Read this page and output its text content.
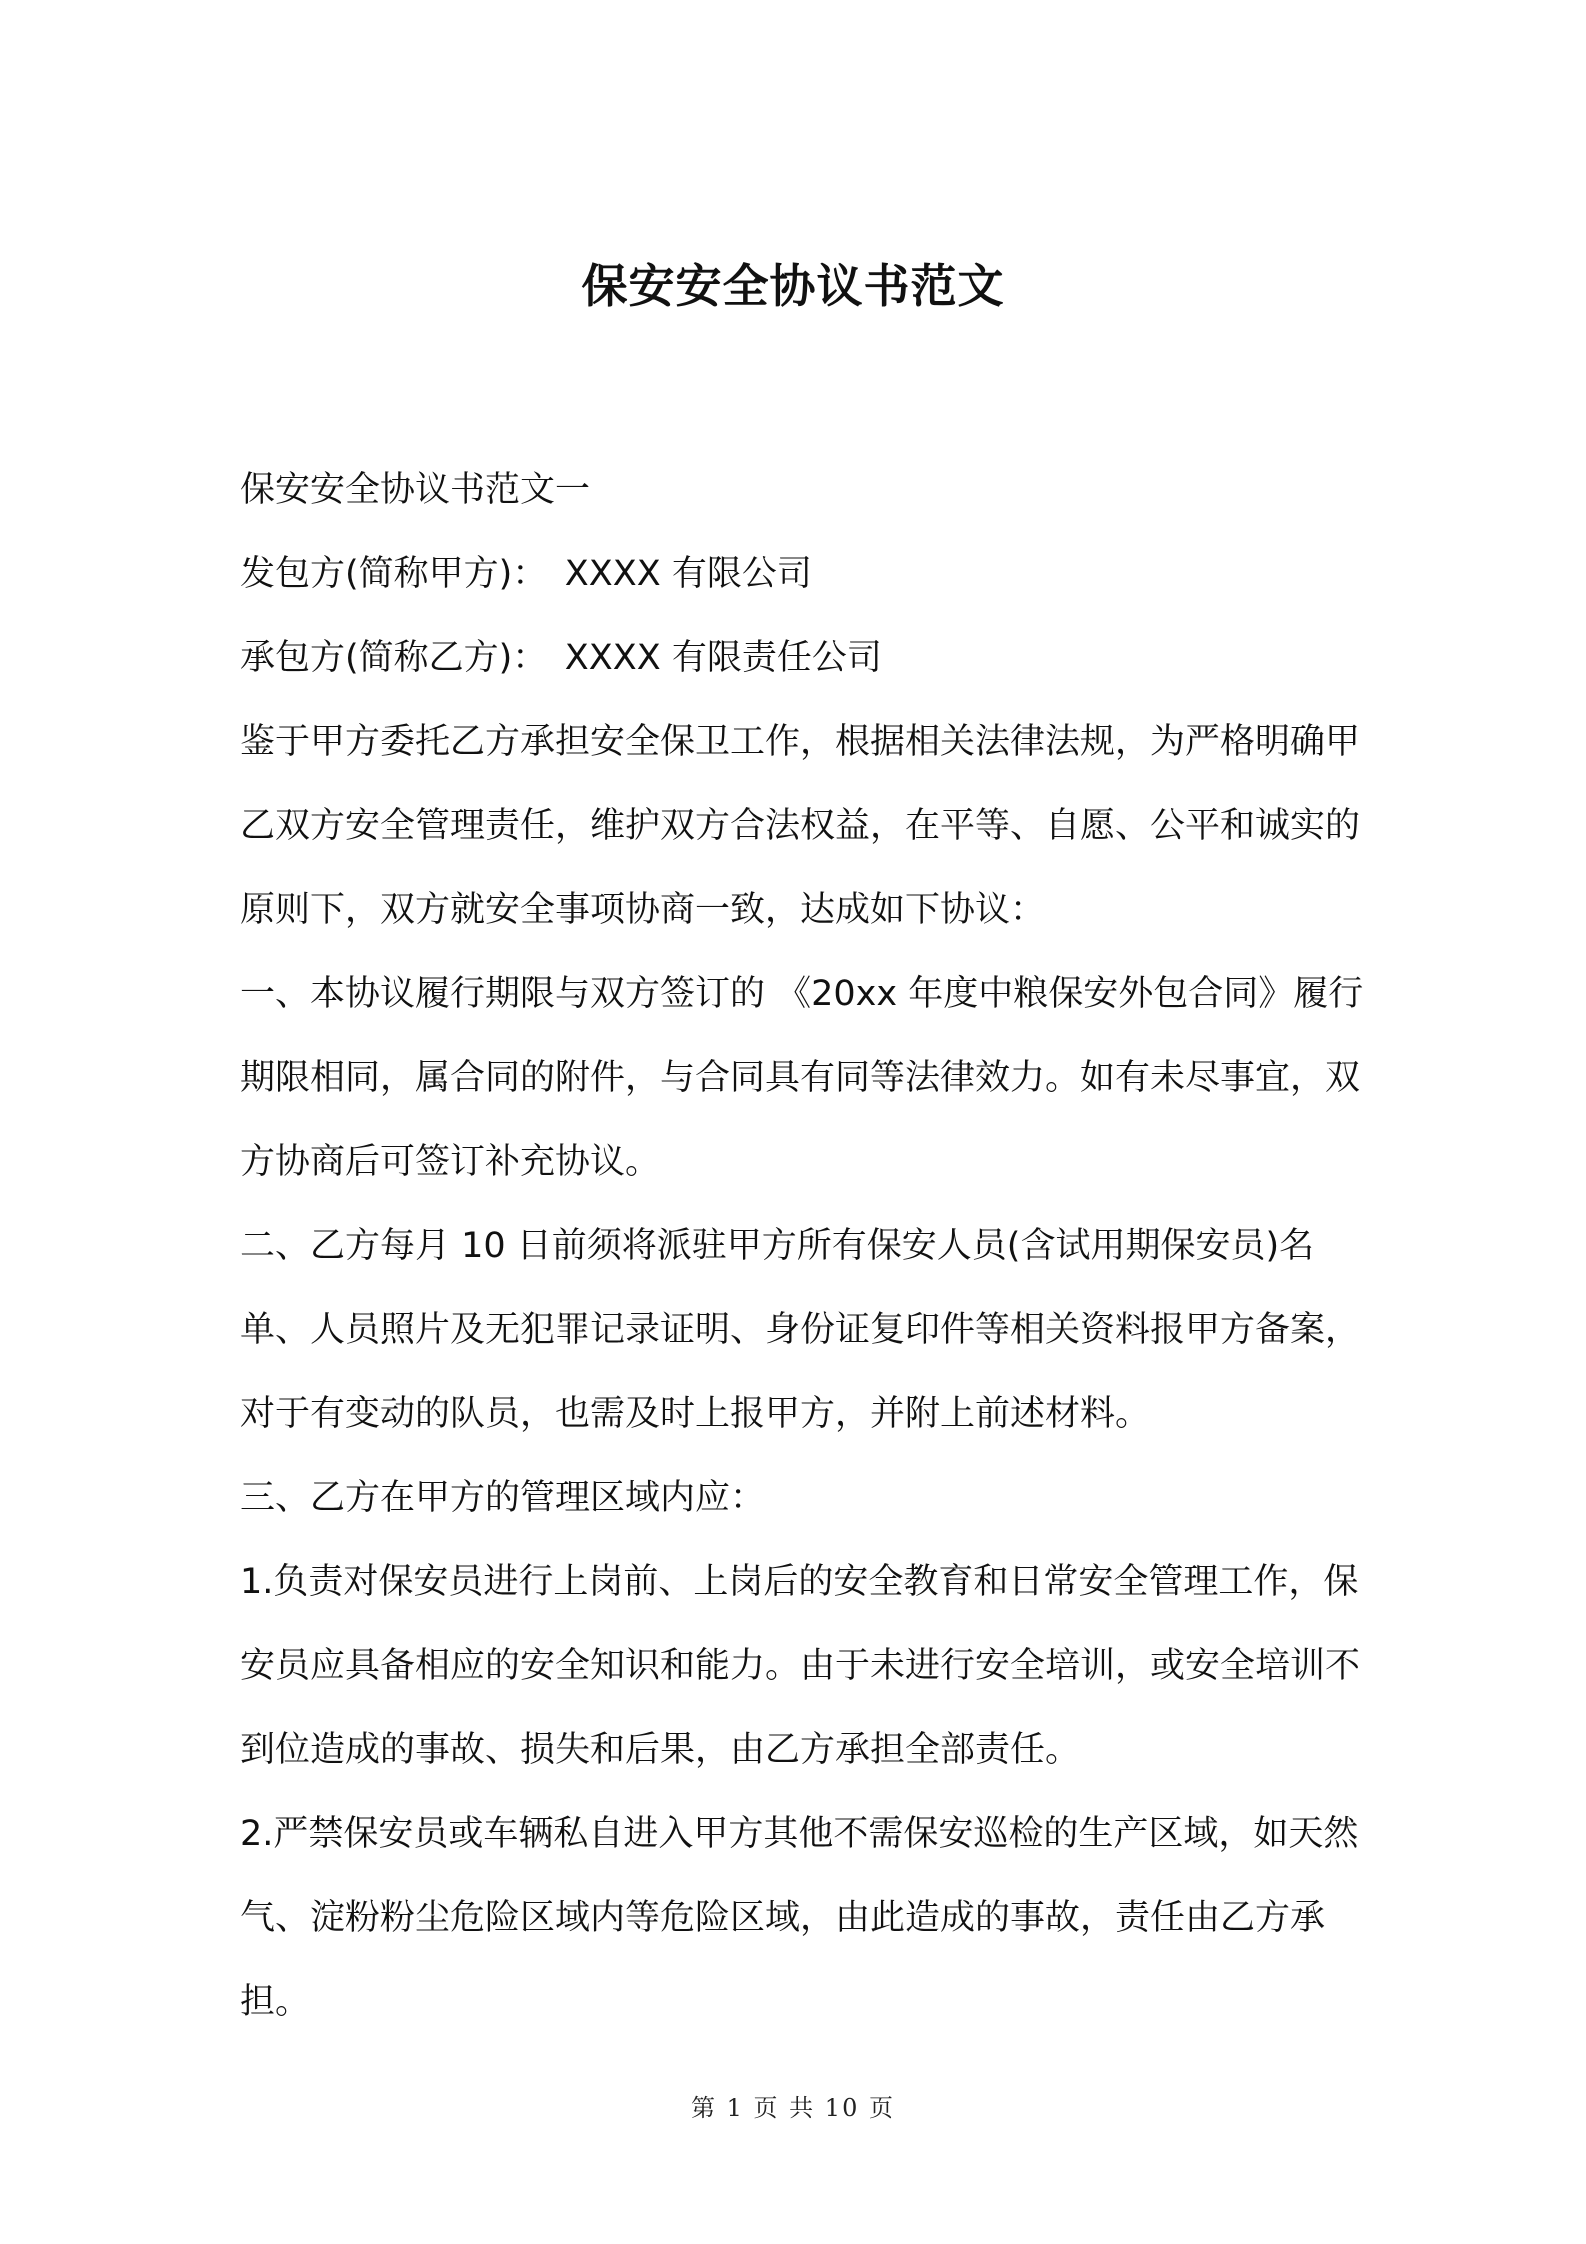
保安安全协议书范文

保安安全协议书范文一

发包方(简称甲方)：　XXXX 有限公司

承包方(简称乙方)：　XXXX 有限责任公司

鉴于甲方委托乙方承担安全保卫工作，根据相关法律法规，为严格明确甲乙双方安全管理责任，维护双方合法权益，在平等、自愿、公平和诚实的原则下，双方就安全事项协商一致，达成如下协议：

一、本协议履行期限与双方签订的 《20xx 年度中粮保安外包合同》履行期限相同，属合同的附件，与合同具有同等法律效力。如有未尽事宜，双方协商后可签订补充协议。

二、乙方每月 10 日前须将派驻甲方所有保安人员(含试用期保安员)名单、人员照片及无犯罪记录证明、身份证复印件等相关资料报甲方备案，对于有变动的队员，也需及时上报甲方，并附上前述材料。

三、乙方在甲方的管理区域内应：

1.负责对保安员进行上岗前、上岗后的安全教育和日常安全管理工作，保安员应具备相应的安全知识和能力。由于未进行安全培训，或安全培训不到位造成的事故、损失和后果，由乙方承担全部责任。

2.严禁保安员或车辆私自进入甲方其他不需保安巡检的生产区域，如天然气、淀粉粉尘危险区域内等危险区域，由此造成的事故，责任由乙方承担。

第 1 页 共 10 页
